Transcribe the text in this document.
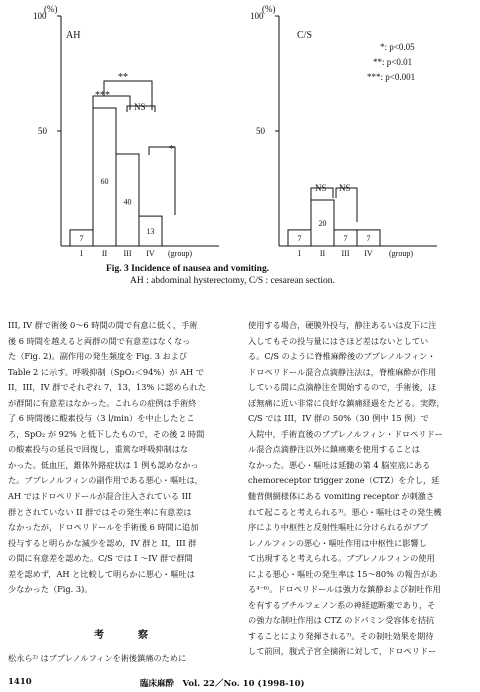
(%)
100
50
AH
7
I
60
II
40
III
13
IV (group)
**
***
NS
*
(%)
100
50
C/S
7
I
20
II
7
III
7
IV (group)
NS NS
*: p<0.05
**: p<0.01
***: p<0.001
Fig. 3 Incidence of nausea and vomiting.
AH : abdominal hysterectomy, C/S : cesarean section.

III, IV 群で術後 0～6 時間の間で有意に低く，手術

後 6 時間を越えると両群の間で有意差はなくなっ

た（Fig. 2)。副作用の発生頻度を Fig. 3 および

Table 2 に示す。呼吸抑制（SpO₂＜94%）が AH で

II，III，IV 群でそれぞれ 7，13，13% に認められた

が群間に有意差はなかった。これらの症例は手術終

了 6 時間後に酸素投与（3 l/min）を中止したとこ

ろ，SpO₂ が 92% と低下したもので，その後 2 時間

の酸素投与の延長で回復し，重篤な呼吸抑制はな

かった。低血圧，錐体外路症状は 1 例も認めなかっ

た。ブプレノルフィンの副作用である悪心・嘔吐は，

AH ではドロペリドールが混合注入されている III

群とされていない II 群ではその発生率に有意差は

なかったが，ドロペリドールを手術後 6 時間に追加

投与すると明らかな減少を認め，IV 群と II，III 群

の間に有意差を認めた。C/S では I ～IV 群で群間

差を認めず，AH と比較して明らかに悪心・嘔吐は

少なかった（Fig. 3)。

考　察
松永ら²⁾ はブプレノルフィンを術後鎮痛のために

使用する場合，硬膜外投与，静注あるいは皮下に注

入してもその投与量にはさほど差はないとしてい

る。C/S のように脊椎麻酔後のブプレノルフィン・

ドロペリドール混合点滴静注法は，脊椎麻酔が作用

している間に点滴静注を開始するので，手術後，ほ

ぼ無痛に近い非常に良好な鎮痛経過をたどる。実際，

C/S では III，IV 群の 50%（30 例中 15 例）で

入院中，手術直後のブプレノルフィン・ドロペリドー

ル混合点滴静注以外に鎮痛薬を使用することは

なかった。悪心・嘔吐は延髄の第 4 脳室底にある

chemoreceptor trigger zone（CTZ）を介し，延

髄背側網様体にある vomiting receptor が刺激さ

れて起こると考えられる³⁾。悪心・嘔吐はその発生機

序により中枢性と反射性嘔吐に分けられるがブプ

レノルフィンの悪心・嘔吐作用は中枢性に影響し

て出現すると考えられる。ブプレノルフィンの使用

による悪心・嘔吐の発生率は 15～80% の報告があ

る⁴⁻⁶⁾。ドロペリドールは強力な鎮静および制吐作用

を有するブチルフェノン系の神経遮断薬であり，そ

の強力な制吐作用は CTZ のドパミン受容体を拮抗

することにより発揮される⁷⁾。その制吐効果を期待

して前回，腹式子宮全摘術に対して，ドロペリドー

1410	臨床麻酔　Vol. 22／No. 10 (1998-10)
